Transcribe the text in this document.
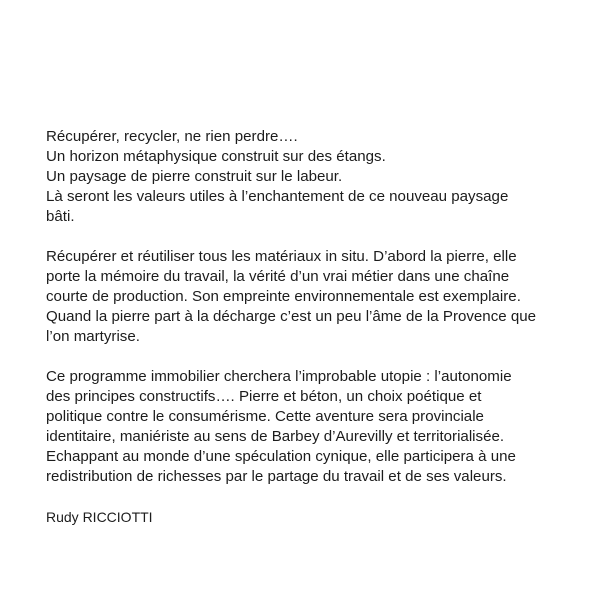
Récupérer, recycler, ne rien perdre….
Un horizon métaphysique construit sur des étangs.
Un paysage de pierre construit sur le labeur.
Là seront les valeurs utiles à l’enchantement de ce nouveau paysage
bâti.

Récupérer et réutiliser tous les matériaux in situ. D’abord la pierre, elle
porte la mémoire du travail, la vérité d’un vrai métier dans une chaîne
courte de production. Son empreinte environnementale est exemplaire.
Quand la pierre part à la décharge c’est un peu l’âme de la Provence que
l’on martyrise.

Ce programme immobilier cherchera l’improbable utopie : l’autonomie
des principes constructifs…. Pierre et béton, un choix poétique et
politique contre le consumérisme. Cette aventure sera provinciale
identitaire, maniériste au sens de Barbey d’Aurevilly et territorialisée.
Echappant au monde d’une spéculation cynique, elle participera à une
redistribution de richesses par le partage du travail et de ses valeurs.

Rudy RICCIOTTI
